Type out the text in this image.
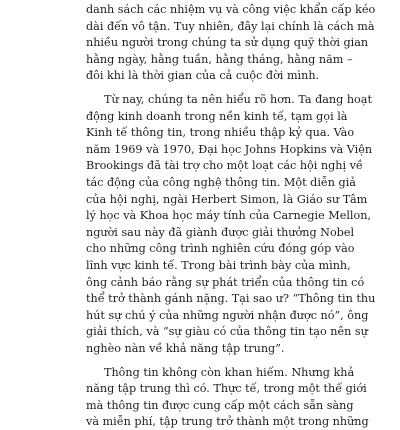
danh sách các nhiệm vụ và công việc khẩn cấp kéo
dài đến vô tận. Tuy nhiên, đây lại chính là cách mà
nhiều người trong chúng ta sử dụng quỹ thời gian
hằng ngày, hằng tuần, hằng tháng, hằng năm –
đôi khi là thời gian của cả cuộc đời mình.
Từ nay, chúng ta nên hiểu rõ hơn. Ta đang hoạt
động kinh doanh trong nền kinh tế, tạm gọi là
Kinh tế thông tin, trong nhiều thập kỷ qua. Vào
năm 1969 và 1970, Đại học Johns Hopkins và Viện
Brookings đã tài trợ cho một loạt các hội nghị về
tác động của công nghệ thông tin. Một diễn giả
của hội nghị, ngài Herbert Simon, là Giáo sư Tâm
lý học và Khoa học máy tính của Carnegie Mellon,
người sau này đã giành được giải thưởng Nobel
cho những công trình nghiên cứu đóng góp vào
lĩnh vực kinh tế. Trong bài trình bày của mình,
ông cảnh báo rằng sự phát triển của thông tin có
thể trở thành gánh nặng. Tại sao ư? “Thông tin thu
hút sự chú ý của những người nhận được nó”, ông
giải thích, và “sự giàu có của thông tin tạo nên sự
nghèo nàn về khả năng tập trung”.
Thông tin không còn khan hiếm. Nhưng khả
năng tập trung thì có. Thực tế, trong một thế giới
mà thông tin được cung cấp một cách sẵn sàng
và miễn phí, tập trung trở thành một trong những
